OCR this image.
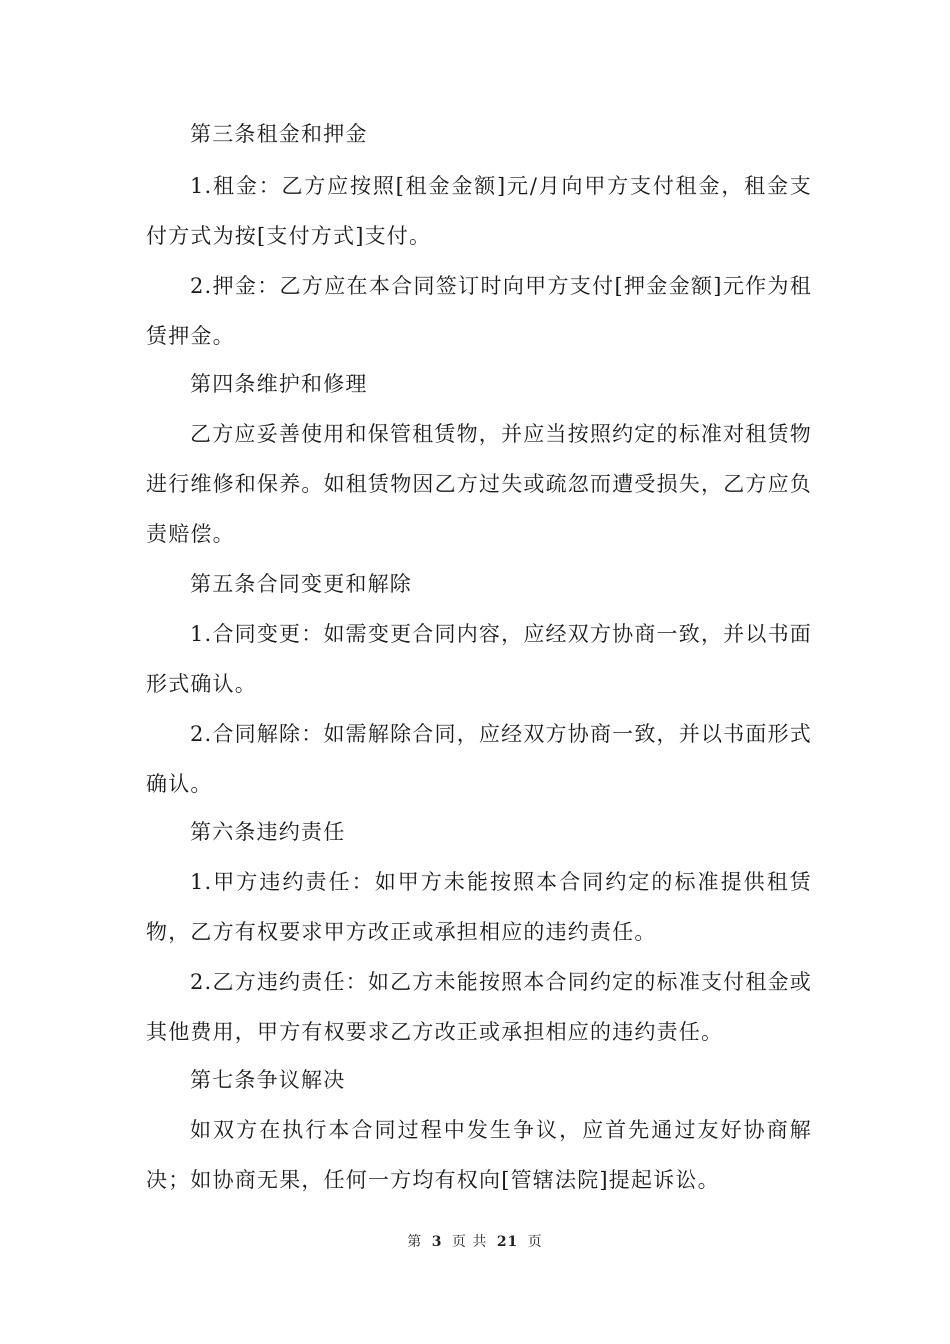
第三条租金和押金

1.租金：乙方应按照[租金金额]元/月向甲方支付租金，租金支付方式为按[支付方式]支付。

2.押金：乙方应在本合同签订时向甲方支付[押金金额]元作为租赁押金。

第四条维护和修理

乙方应妥善使用和保管租赁物，并应当按照约定的标准对租赁物进行维修和保养。如租赁物因乙方过失或疏忽而遭受损失，乙方应负责赔偿。

第五条合同变更和解除

1.合同变更：如需变更合同内容，应经双方协商一致，并以书面形式确认。

2.合同解除：如需解除合同，应经双方协商一致，并以书面形式确认。

第六条违约责任

1.甲方违约责任：如甲方未能按照本合同约定的标准提供租赁物，乙方有权要求甲方改正或承担相应的违约责任。

2.乙方违约责任：如乙方未能按照本合同约定的标准支付租金或其他费用，甲方有权要求乙方改正或承担相应的违约责任。

第七条争议解决

如双方在执行本合同过程中发生争议，应首先通过友好协商解决；如协商无果，任何一方均有权向[管辖法院]提起诉讼。

第 3 页 共 21 页
